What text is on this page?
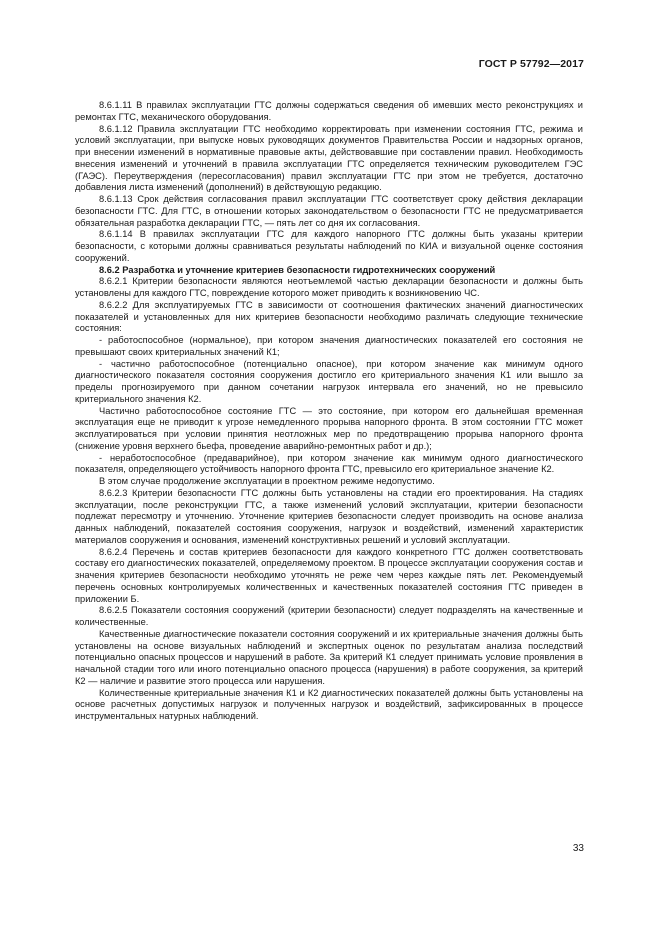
ГОСТ Р 57792—2017

8.6.1.11 В правилах эксплуатации ГТС должны содержаться сведения об имевших место реконструкциях и ремонтах ГТС, механического оборудования.

8.6.1.12 Правила эксплуатации ГТС необходимо корректировать при изменении состояния ГТС, режима и условий эксплуатации, при выпуске новых руководящих документов Правительства России и надзорных органов, при внесении изменений в нормативные правовые акты, действовавшие при составлении правил. Необходимость внесения изменений и уточнений в правила эксплуатации ГТС определяется техническим руководителем ГЭС (ГАЭС). Переутверждения (пересогласования) правил эксплуатации ГТС при этом не требуется, достаточно добавления листа изменений (дополнений) в действующую редакцию.

8.6.1.13 Срок действия согласования правил эксплуатации ГТС соответствует сроку действия декларации безопасности ГТС. Для ГТС, в отношении которых законодательством о безопасности ГТС не предусматривается обязательная разработка декларации ГТС, — пять лет со дня их согласования.

8.6.1.14 В правилах эксплуатации ГТС для каждого напорного ГТС должны быть указаны критерии безопасности, с которыми должны сравниваться результаты наблюдений по КИА и визуальной оценке состояния сооружений.

8.6.2 Разработка и уточнение критериев безопасности гидротехнических сооружений

8.6.2.1 Критерии безопасности являются неотъемлемой частью декларации безопасности и должны быть установлены для каждого ГТС, повреждение которого может приводить к возникновению ЧС.

8.6.2.2 Для эксплуатируемых ГТС в зависимости от соотношения фактических значений диагностических показателей и установленных для них критериев безопасности необходимо различать следующие технические состояния:

- работоспособное (нормальное), при котором значения диагностических показателей его состояния не превышают своих критериальных значений К1;

- частично работоспособное (потенциально опасное), при котором значение как минимум одного диагностического показателя состояния сооружения достигло его критериального значения К1 или вышло за пределы прогнозируемого при данном сочетании нагрузок интервала его значений, но не превысило критериального значения К2.

Частично работоспособное состояние ГТС — это состояние, при котором его дальнейшая временная эксплуатация еще не приводит к угрозе немедленного прорыва напорного фронта. В этом состоянии ГТС может эксплуатироваться при условии принятия неотложных мер по предотвращению прорыва напорного фронта (снижение уровня верхнего бьефа, проведение аварийно-ремонтных работ и др.);

- неработоспособное (предаварийное), при котором значение как минимум одного диагностического показателя, определяющего устойчивость напорного фронта ГТС, превысило его критериальное значение К2.

В этом случае продолжение эксплуатации в проектном режиме недопустимо.

8.6.2.3 Критерии безопасности ГТС должны быть установлены на стадии его проектирования. На стадиях эксплуатации, после реконструкции ГТС, а также изменений условий эксплуатации, критерии безопасности подлежат пересмотру и уточнению. Уточнение критериев безопасности следует производить на основе анализа данных наблюдений, показателей состояния сооружения, нагрузок и воздействий, изменений характеристик материалов сооружения и основания, изменений конструктивных решений и условий эксплуатации.

8.6.2.4 Перечень и состав критериев безопасности для каждого конкретного ГТС должен соответствовать составу его диагностических показателей, определяемому проектом. В процессе эксплуатации сооружения состав и значения критериев безопасности необходимо уточнять не реже чем через каждые пять лет. Рекомендуемый перечень основных контролируемых количественных и качественных показателей состояния ГТС приведен в приложении Б.

8.6.2.5 Показатели состояния сооружений (критерии безопасности) следует подразделять на качественные и количественные.

Качественные диагностические показатели состояния сооружений и их критериальные значения должны быть установлены на основе визуальных наблюдений и экспертных оценок по результатам анализа последствий потенциально опасных процессов и нарушений в работе. За критерий К1 следует принимать условие проявления в начальной стадии того или иного потенциально опасного процесса (нарушения) в работе сооружения, за критерий К2 — наличие и развитие этого процесса или нарушения.

Количественные критериальные значения К1 и К2 диагностических показателей должны быть установлены на основе расчетных допустимых нагрузок и полученных нагрузок и воздействий, зафиксированных в процессе инструментальных натурных наблюдений.

33
